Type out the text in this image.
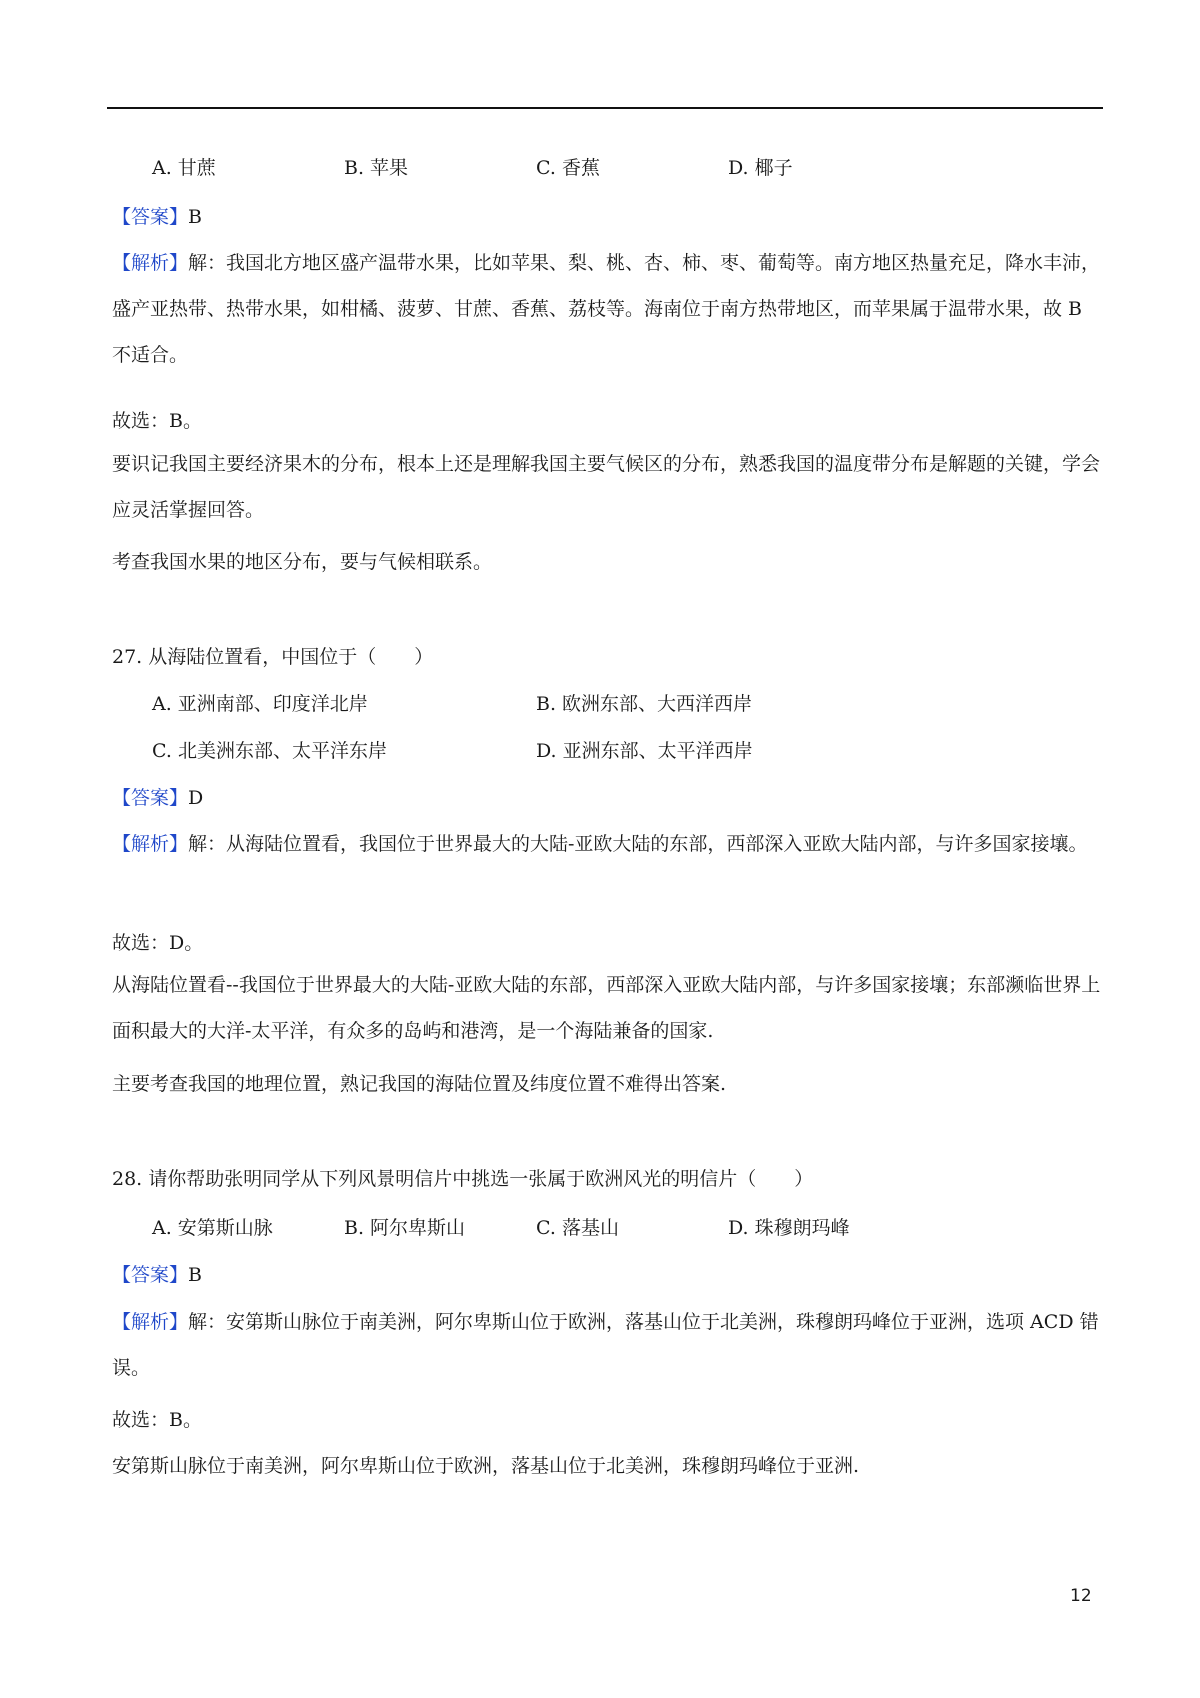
A. 甘蔗	B. 苹果	C. 香蕉	D. 椰子
【答案】B
【解析】解：我国北方地区盛产温带水果，比如苹果、梨、桃、杏、柿、枣、葡萄等。南方地区热量充足，降水丰沛，盛产亚热带、热带水果，如柑橘、菠萝、甘蔗、香蕉、荔枝等。海南位于南方热带地区，而苹果属于温带水果，故 B 不适合。
故选：B。
要识记我国主要经济果木的分布，根本上还是理解我国主要气候区的分布，熟悉我国的温度带分布是解题的关键，学会应灵活掌握回答。
考查我国水果的地区分布，要与气候相联系。
27. 从海陆位置看，中国位于（　　）
A. 亚洲南部、印度洋北岸	B. 欧洲东部、大西洋西岸
C. 北美洲东部、太平洋东岸	D. 亚洲东部、太平洋西岸
【答案】D
【解析】解：从海陆位置看，我国位于世界最大的大陆-亚欧大陆的东部，西部深入亚欧大陆内部，与许多国家接壤。
故选：D。
从海陆位置看--我国位于世界最大的大陆-亚欧大陆的东部，西部深入亚欧大陆内部，与许多国家接壤；东部濒临世界上面积最大的大洋-太平洋，有众多的岛屿和港湾，是一个海陆兼备的国家.
主要考查我国的地理位置，熟记我国的海陆位置及纬度位置不难得出答案.
28. 请你帮助张明同学从下列风景明信片中挑选一张属于欧洲风光的明信片（　　）
A. 安第斯山脉	B. 阿尔卑斯山	C. 落基山	D. 珠穆朗玛峰
【答案】B
【解析】解：安第斯山脉位于南美洲，阿尔卑斯山位于欧洲，落基山位于北美洲，珠穆朗玛峰位于亚洲，选项 ACD 错误。
故选：B。
安第斯山脉位于南美洲，阿尔卑斯山位于欧洲，落基山位于北美洲，珠穆朗玛峰位于亚洲.
12
